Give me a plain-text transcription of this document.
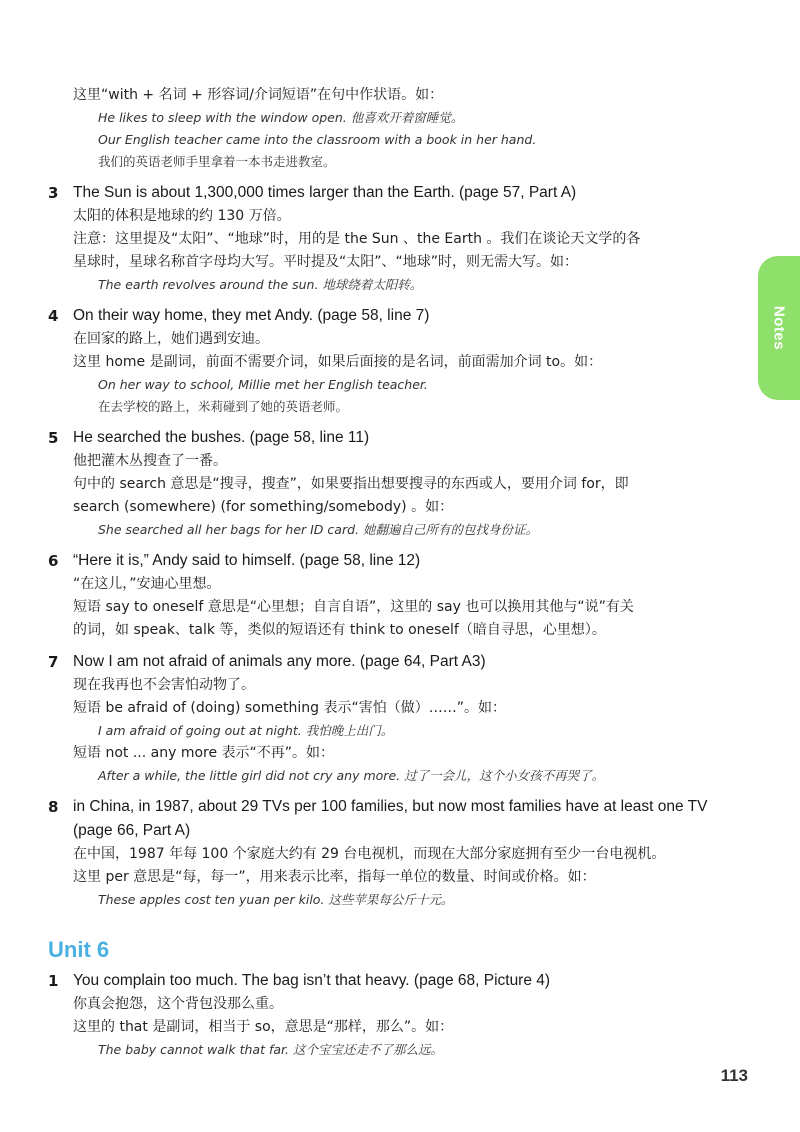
这里“with + 名词 + 形容词/介词短语”在句中作状语。如：
He likes to sleep with the window open. 他喜欢开着窗睡觉。
Our English teacher came into the classroom with a book in her hand.
我们的英语老师手里拿着一本书走进教室。
3 The Sun is about 1,300,000 times larger than the Earth. (page 57, Part A)
太阳的体积是地球的约 130 万倍。
注意：这里提及“太阳”、“地球”时，用的是 the Sun 、the Earth 。我们在谈论天文学的各
星球时，星球名称首字母均大写。平时提及“太阳”、“地球”时，则无需大写。如：
The earth revolves around the sun. 地球绕着太阳转。
4 On their way home, they met Andy. (page 58, line 7)
在回家的路上，她们遇到安迪。
这里 home 是副词，前面不需要介词，如果后面接的是名词，前面需加介词 to。如：
On her way to school, Millie met her English teacher.
在去学校的路上，米莉碰到了她的英语老师。
5 He searched the bushes. (page 58, line 11)
他把灌木丛搜查了一番。
句中的 search 意思是“搜寻，搜查”，如果要指出想要搜寻的东西或人，要用介词 for，即
search (somewhere) (for something/somebody) 。如：
She searched all her bags for her ID card. 她翻遍自己所有的包找身份证。
6 “Here it is,” Andy said to himself. (page 58, line 12)
“在这儿，”安迪心里想。
短语 say to oneself 意思是“心里想；自言自语”，这里的 say 也可以换用其他与“说”有关
的词，如 speak、talk 等，类似的短语还有 think to oneself（暗自寻思，心里想）。
7 Now I am not afraid of animals any more. (page 64, Part A3)
现在我再也不会害怕动物了。
短语 be afraid of (doing) something 表示“害怕（做）……”。如：
I am afraid of going out at night. 我怕晚上出门。
短语 not ... any more 表示“不再”。如：
After a while, the little girl did not cry any more. 过了一会儿，这个小女孩不再哭了。
8 in China, in 1987, about 29 TVs per 100 families, but now most families have at least one TV (page 66, Part A)
在中国，1987 年每 100 个家庭大约有 29 台电视机，而现在大部分家庭拥有至少一台电视机。
这里 per 意思是“每，每一”，用来表示比率，指每一单位的数量、时间或价格。如：
These apples cost ten yuan per kilo. 这些苹果每公斤十元。
Unit 6
1 You complain too much. The bag isn’t that heavy. (page 68, Picture 4)
你真会抱怨，这个背包没那么重。
这里的 that 是副词，相当于 so，意思是“那样，那么”。如：
The baby cannot walk that far. 这个宝宝还走不了那么远。
Notes
113
